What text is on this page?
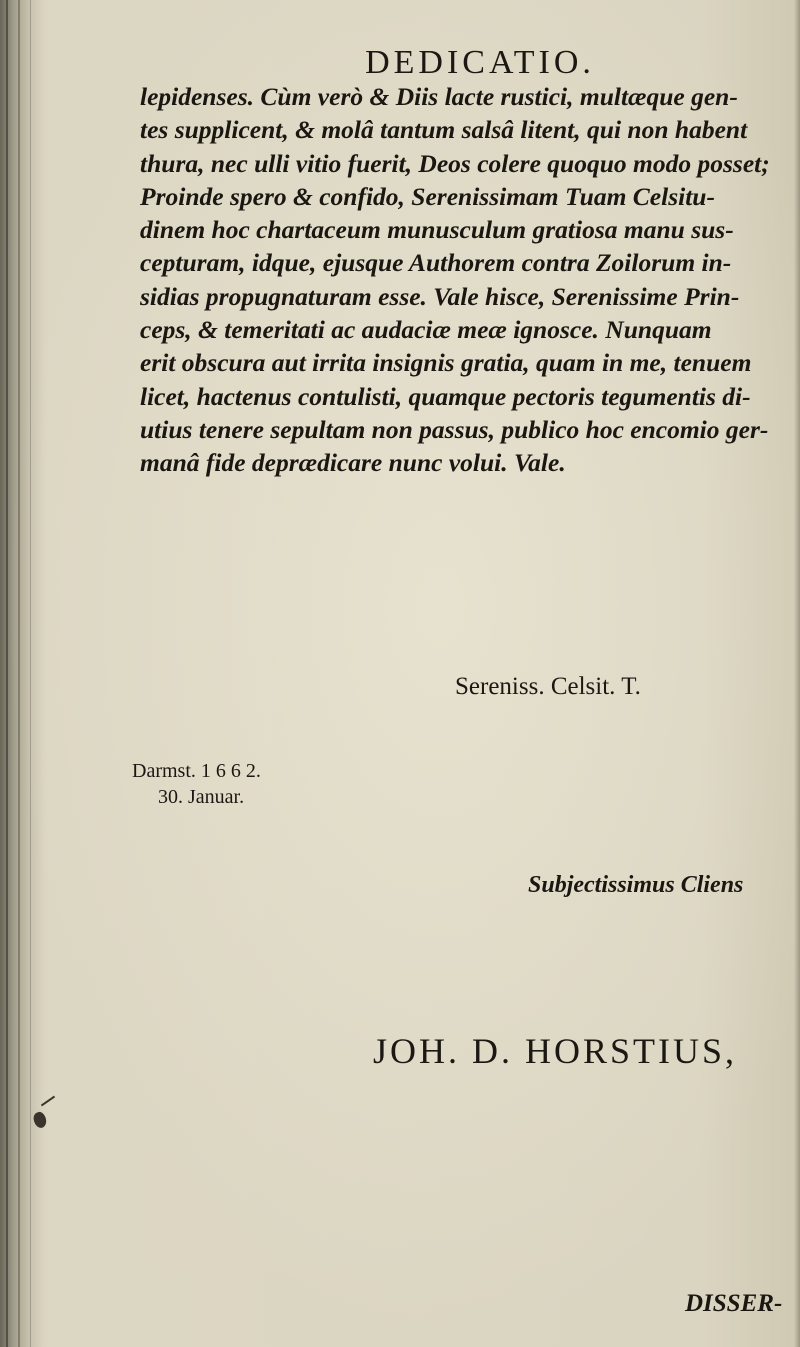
DEDICATIO.
lepidenses. Cùm verò & Diis lacte rustici, multæque gen-
tes supplicent, & molâ tantum salsâ litent, qui non habent
thura, nec ulli vitio fuerit, Deos colere quoquo modo posset;
Proinde spero & confido, Serenissimam Tuam Celsitu-
dinem hoc chartaceum munusculum gratiosa manu sus-
cepturam, idque, ejusque Authorem contra Zoilorum in-
sidias propugnaturam esse. Vale hisce, Serenissime Prin-
ceps, & temeritati ac audaciæ meæ ignosce. Nunquam
erit obscura aut irrita insignis gratia, quam in me, tenuem
licet, hactenus contulisti, quamque pectoris tegumentis di-
utius tenere sepultam non passus, publico hoc encomio ger-
manâ fide deprædicare nunc volui. Vale.
Sereniss. Celsit. T.
Darmst. 1 6 6 2.
30. Januar.
Subjectissimus Cliens
JOH. D. HORSTIUS,
DISSER-
